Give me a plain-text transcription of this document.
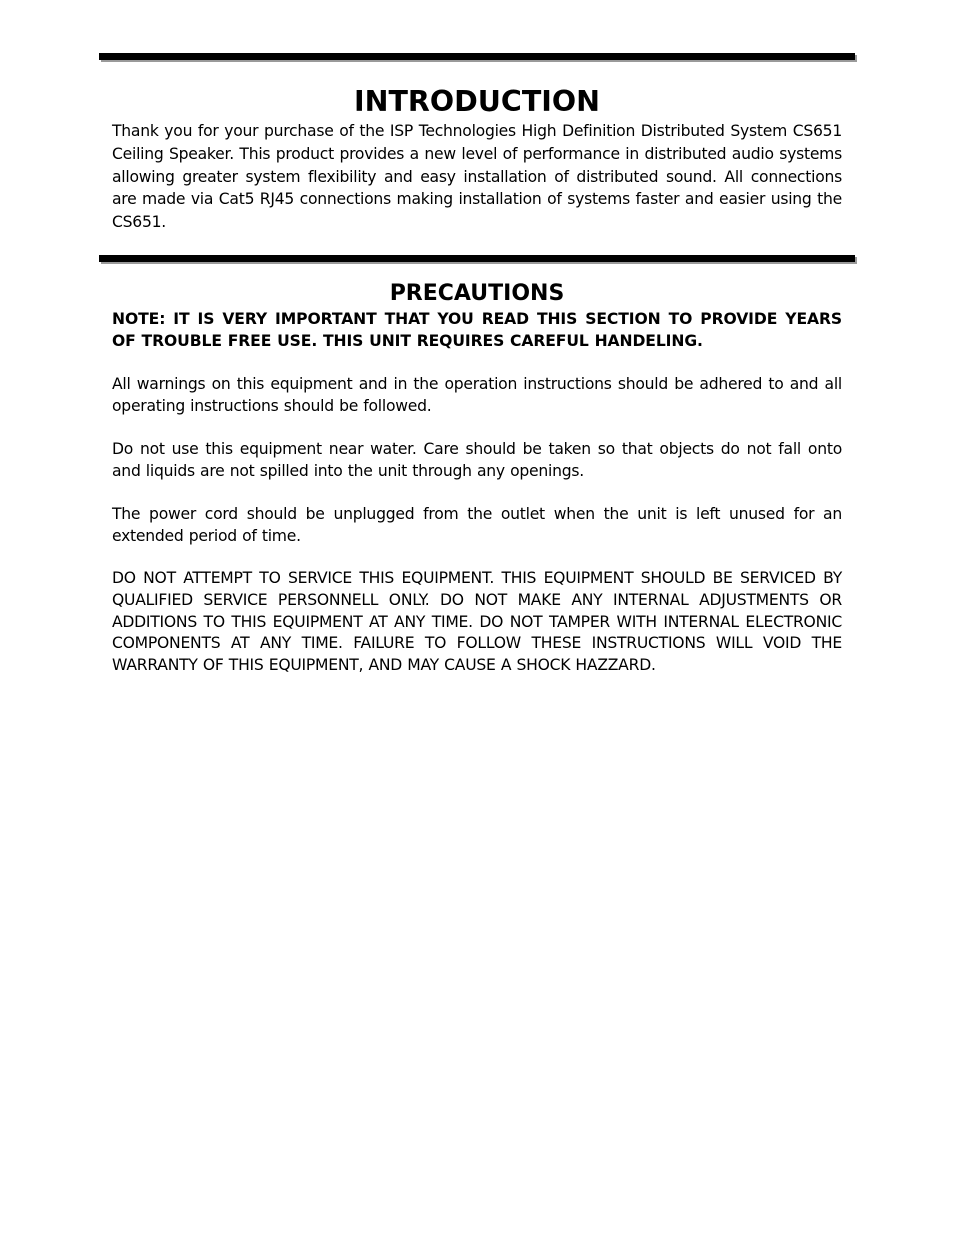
INTRODUCTION

Thank you for your purchase of the ISP Technologies High Definition Distributed System CS651 Ceiling Speaker. This product provides a new level of performance in distributed audio systems allowing greater system flexibility and easy installation of distributed sound. All connections are made via Cat5 RJ45 connections making installation of systems faster and easier using the CS651.

PRECAUTIONS

NOTE: IT IS VERY IMPORTANT THAT YOU READ THIS SECTION TO PROVIDE YEARS OF TROUBLE FREE USE. THIS UNIT REQUIRES CAREFUL HANDELING.

All warnings on this equipment and in the operation instructions should be adhered to and all operating instructions should be followed.

Do not use this equipment near water. Care should be taken so that objects do not fall onto and liquids are not spilled into the unit through any openings.

The power cord should be unplugged from the outlet when the unit is left unused for an extended period of time.

DO NOT ATTEMPT TO SERVICE THIS EQUIPMENT. THIS EQUIPMENT SHOULD BE SERVICED BY QUALIFIED SERVICE PERSONNELL ONLY. DO NOT MAKE ANY INTERNAL ADJUSTMENTS OR ADDITIONS TO THIS EQUIPMENT AT ANY TIME. DO NOT TAMPER WITH INTERNAL ELECTRONIC COMPONENTS AT ANY TIME. FAILURE TO FOLLOW THESE INSTRUCTIONS WILL VOID THE WARRANTY OF THIS EQUIPMENT, AND MAY CAUSE A SHOCK HAZZARD.
